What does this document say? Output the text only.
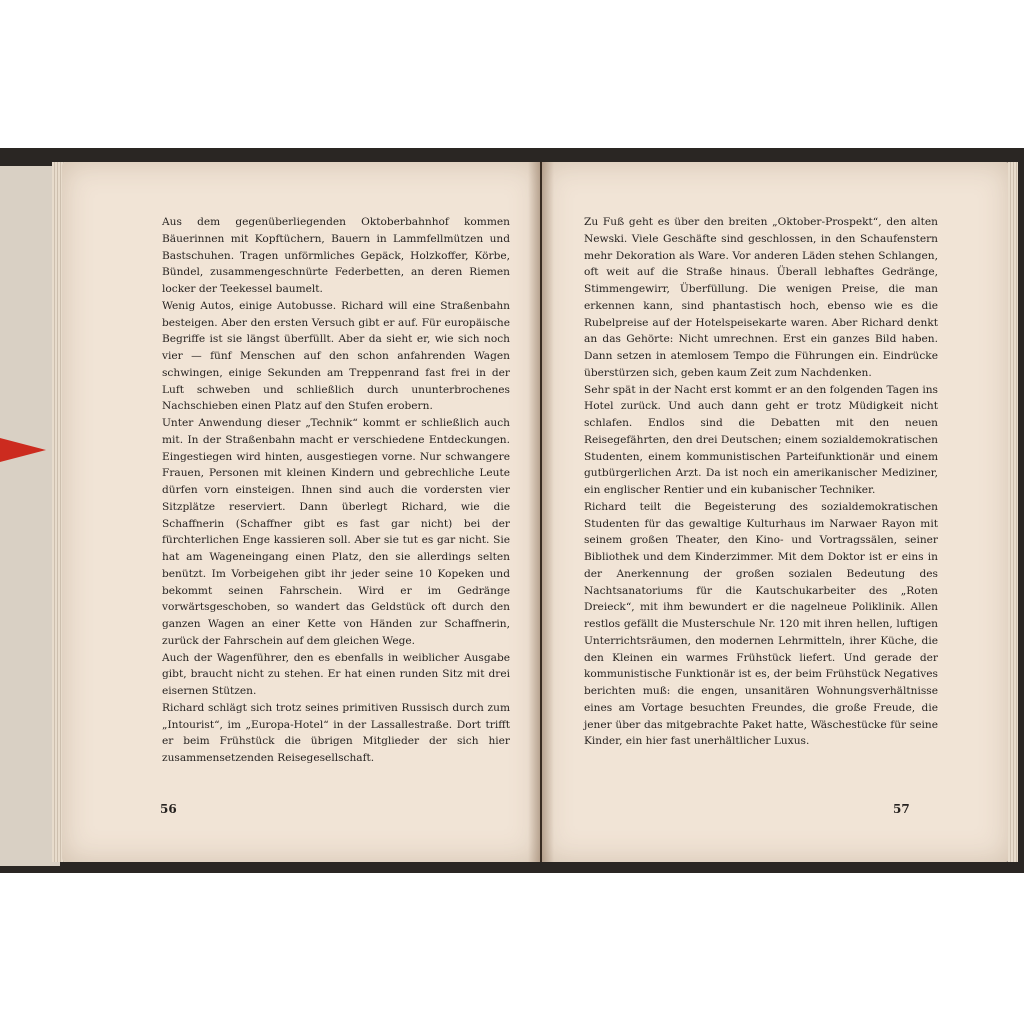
Aus dem gegenüberliegenden Oktoberbahnhof kommen Bäuerinnen mit Kopftüchern, Bauern in Lammfellmützen und Bastschuhen. Tragen unförmliches Gepäck, Holzkoffer, Körbe, Bündel, zusammengeschnürte Federbetten, an deren Riemen locker der Teekessel baumelt.

Wenig Autos, einige Autobusse. Richard will eine Straßenbahn besteigen. Aber den ersten Versuch gibt er auf. Für europäische Begriffe ist sie längst überfüllt. Aber da sieht er, wie sich noch vier — fünf Menschen auf den schon anfahrenden Wagen schwingen, einige Sekunden am Treppenrand fast frei in der Luft schweben und schließlich durch ununterbrochenes Nachschieben einen Platz auf den Stufen erobern.

Unter Anwendung dieser „Technik“ kommt er schließlich auch mit. In der Straßenbahn macht er verschiedene Entdeckungen. Eingestiegen wird hinten, ausgestiegen vorne. Nur schwangere Frauen, Personen mit kleinen Kindern und gebrechliche Leute dürfen vorn einsteigen. Ihnen sind auch die vordersten vier Sitzplätze reserviert. Dann überlegt Richard, wie die Schaffnerin (Schaffner gibt es fast gar nicht) bei der fürchterlichen Enge kassieren soll. Aber sie tut es gar nicht. Sie hat am Wageneingang einen Platz, den sie allerdings selten benützt. Im Vorbeigehen gibt ihr jeder seine 10 Kopeken und bekommt seinen Fahrschein. Wird er im Gedränge vorwärtsgeschoben, so wandert das Geldstück oft durch den ganzen Wagen an einer Kette von Händen zur Schaffnerin, zurück der Fahrschein auf dem gleichen Wege.

Auch der Wagenführer, den es ebenfalls in weiblicher Ausgabe gibt, braucht nicht zu stehen. Er hat einen runden Sitz mit drei eisernen Stützen.

Richard schlägt sich trotz seines primitiven Russisch durch zum „Intourist“, im „Europa-Hotel“ in der Lassallestraße. Dort trifft er beim Frühstück die übrigen Mitglieder der sich hier zusammensetzenden Reisegesellschaft.

56

Zu Fuß geht es über den breiten „Oktober-Prospekt“, den alten Newski. Viele Geschäfte sind geschlossen, in den Schaufenstern mehr Dekoration als Ware. Vor anderen Läden stehen Schlangen, oft weit auf die Straße hinaus. Überall lebhaftes Gedränge, Stimmengewirr, Überfüllung. Die wenigen Preise, die man erkennen kann, sind phantastisch hoch, ebenso wie es die Rubelpreise auf der Hotelspeisekarte waren. Aber Richard denkt an das Gehörte: Nicht umrechnen. Erst ein ganzes Bild haben. Dann setzen in atemlosem Tempo die Führungen ein. Eindrücke überstürzen sich, geben kaum Zeit zum Nachdenken.

Sehr spät in der Nacht erst kommt er an den folgenden Tagen ins Hotel zurück. Und auch dann geht er trotz Müdigkeit nicht schlafen. Endlos sind die Debatten mit den neuen Reisegefährten, den drei Deutschen; einem sozialdemokratischen Studenten, einem kommunistischen Parteifunktionär und einem gutbürgerlichen Arzt. Da ist noch ein amerikanischer Mediziner, ein englischer Rentier und ein kubanischer Techniker.

Richard teilt die Begeisterung des sozialdemokratischen Studenten für das gewaltige Kulturhaus im Narwaer Rayon mit seinem großen Theater, den Kino- und Vortragssälen, seiner Bibliothek und dem Kinderzimmer. Mit dem Doktor ist er eins in der Anerkennung der großen sozialen Bedeutung des Nachtsanatoriums für die Kautschukarbeiter des „Roten Dreieck“, mit ihm bewundert er die nagelneue Poliklinik. Allen restlos gefällt die Musterschule Nr. 120 mit ihren hellen, luftigen Unterrichtsräumen, den modernen Lehrmitteln, ihrer Küche, die den Kleinen ein warmes Frühstück liefert. Und gerade der kommunistische Funktionär ist es, der beim Frühstück Negatives berichten muß: die engen, unsanitären Wohnungsverhältnisse eines am Vortage besuchten Freundes, die große Freude, die jener über das mitgebrachte Paket hatte, Wäschestücke für seine Kinder, ein hier fast unerhältlicher Luxus.

57
